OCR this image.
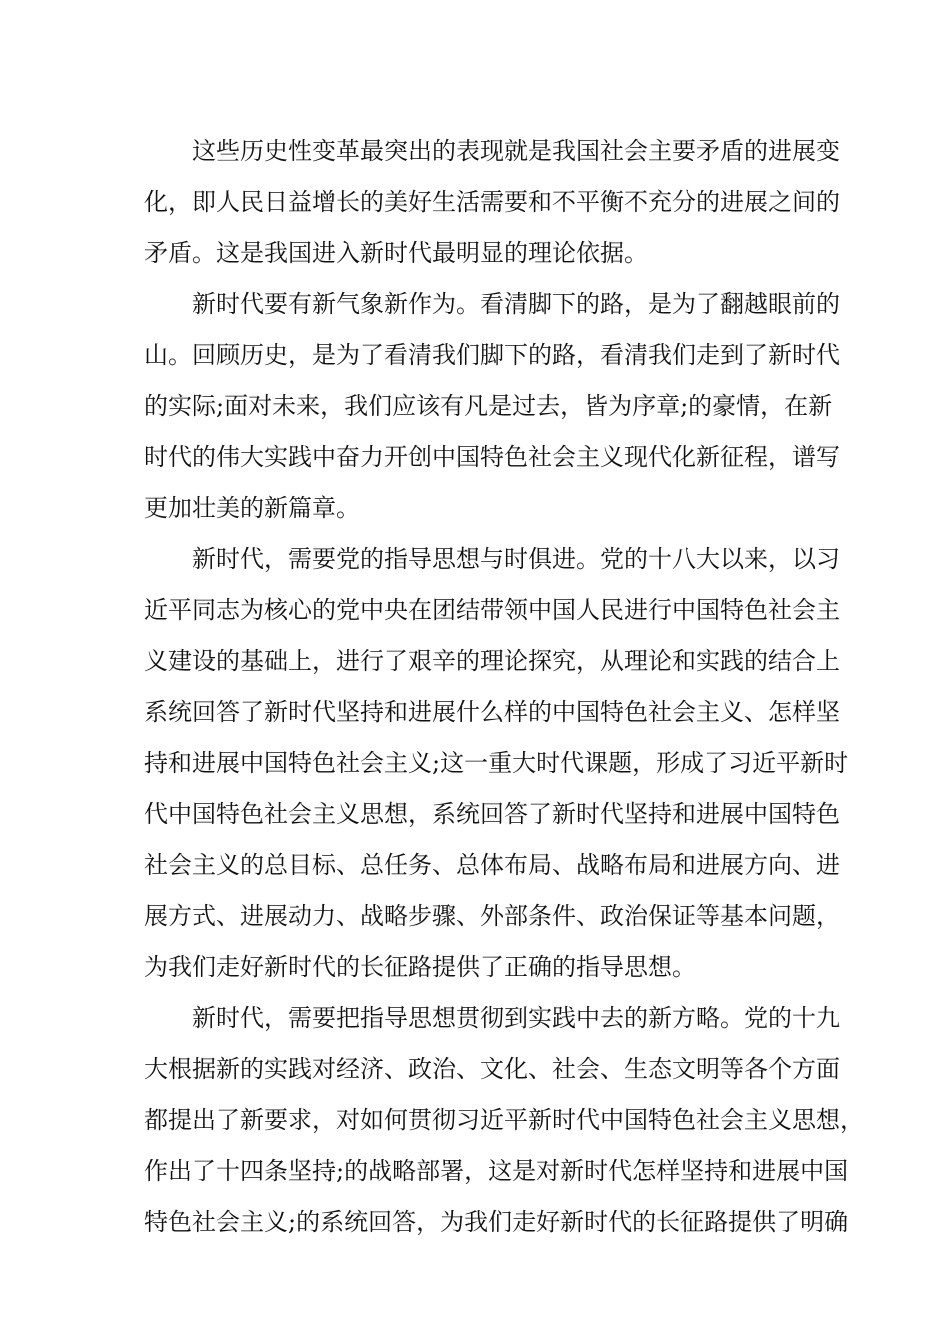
这些历史性变革最突出的表现就是我国社会主要矛盾的进展变
化，即人民日益增长的美好生活需要和不平衡不充分的进展之间的
矛盾。这是我国进入新时代最明显的理论依据。
新时代要有新气象新作为。看清脚下的路，是为了翻越眼前的
山。回顾历史，是为了看清我们脚下的路，看清我们走到了新时代
的实际;面对未来，我们应该有凡是过去，皆为序章;的豪情，在新
时代的伟大实践中奋力开创中国特色社会主义现代化新征程，谱写
更加壮美的新篇章。
新时代，需要党的指导思想与时俱进。党的十八大以来，以习
近平同志为核心的党中央在团结带领中国人民进行中国特色社会主
义建设的基础上，进行了艰辛的理论探究，从理论和实践的结合上
系统回答了新时代坚持和进展什么样的中国特色社会主义、怎样坚
持和进展中国特色社会主义;这一重大时代课题，形成了习近平新时
代中国特色社会主义思想，系统回答了新时代坚持和进展中国特色
社会主义的总目标、总任务、总体布局、战略布局和进展方向、进
展方式、进展动力、战略步骤、外部条件、政治保证等基本问题，
为我们走好新时代的长征路提供了正确的指导思想。
新时代，需要把指导思想贯彻到实践中去的新方略。党的十九
大根据新的实践对经济、政治、文化、社会、生态文明等各个方面
都提出了新要求，对如何贯彻习近平新时代中国特色社会主义思想，
作出了十四条坚持;的战略部署，这是对新时代怎样坚持和进展中国
特色社会主义;的系统回答，为我们走好新时代的长征路提供了明确
